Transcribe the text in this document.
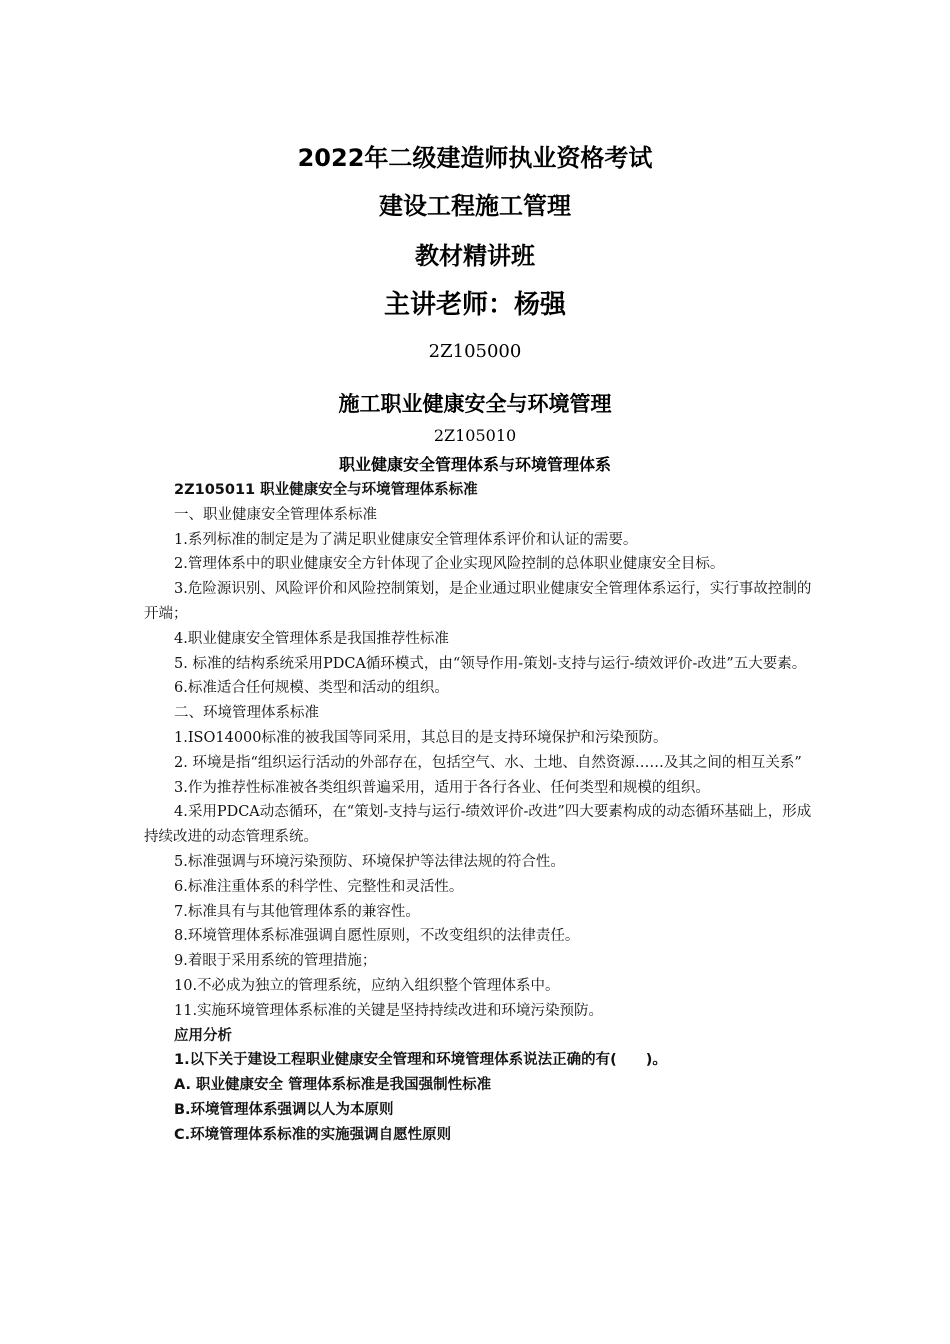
2022年二级建造师执业资格考试
建设工程施工管理
教材精讲班
主讲老师：杨强
2Z105000
施工职业健康安全与环境管理
2Z105010
职业健康安全管理体系与环境管理体系

2Z105011 职业健康安全与环境管理体系标准

一、职业健康安全管理体系标准

1.系列标准的制定是为了满足职业健康安全管理体系评价和认证的需要。

2.管理体系中的职业健康安全方针体现了企业实现风险控制的总体职业健康安全目标。

3.危险源识别、风险评价和风险控制策划，是企业通过职业健康安全管理体系运行，实行事故控制的开端；

4.职业健康安全管理体系是我国推荐性标准

5. 标准的结构系统采用PDCA循环模式，由“领导作用-策划-支持与运行-绩效评价-改进”五大要素。

6.标准适合任何规模、类型和活动的组织。

二、环境管理体系标准

1.ISO14000标准的被我国等同采用，其总目的是支持环境保护和污染预防。

2. 环境是指“组织运行活动的外部存在，包括空气、水、土地、自然资源……及其之间的相互关系”

3.作为推荐性标准被各类组织普遍采用，适用于各行各业、任何类型和规模的组织。

4.采用PDCA动态循环，在“策划-支持与运行-绩效评价-改进”四大要素构成的动态循环基础上，形成持续改进的动态管理系统。

5.标准强调与环境污染预防、环境保护等法律法规的符合性。

6.标准注重体系的科学性、完整性和灵活性。

7.标准具有与其他管理体系的兼容性。

8.环境管理体系标准强调自愿性原则，不改变组织的法律责任。

9.着眼于采用系统的管理措施；

10.不必成为独立的管理系统，应纳入组织整个管理体系中。

11.实施环境管理体系标准的关键是坚持持续改进和环境污染预防。

应用分析

1.以下关于建设工程职业健康安全管理和环境管理体系说法正确的有(　　)。

A. 职业健康安全 管理体系标准是我国强制性标准

B.环境管理体系强调以人为本原则

C.环境管理体系标准的实施强调自愿性原则
